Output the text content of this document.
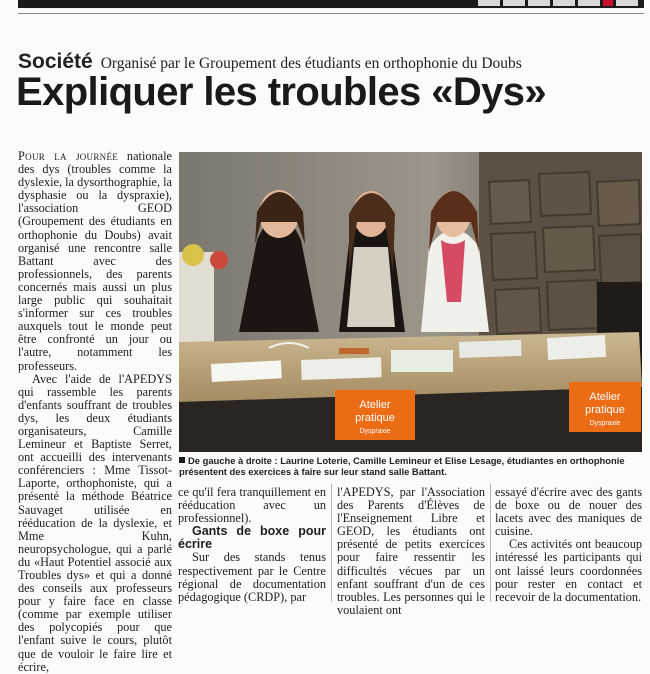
Société Organisé par le Groupement des étudiants en orthophonie du Doubs
Expliquer les troubles «Dys»

Pour la journée nationale des dys (troubles comme la dyslexie, la dysorthographie, la dysphasie ou la dyspraxie), l'association GEOD (Groupement des étudiants en orthophonie du Doubs) avait organisé une rencontre salle Battant avec des professionnels, des parents concernés mais aussi un plus large public qui souhaitait s'informer sur ces troubles auxquels tout le monde peut être confronté un jour ou l'autre, notamment les professeurs.

Avec l'aide de l'APEDYS qui rassemble les parents d'enfants souffrant de troubles dys, les deux étudiants organisateurs, Camille Lemineur et Baptiste Serret, ont accueilli des intervenants conférenciers : Mme Tissot-Laporte, orthophoniste, qui a présenté la méthode Béatrice Sauvaget utilisée en rééducation de la dyslexie, et Mme Kuhn, neuropsychologue, qui a parlé du «Haut Potentiel associé aux Troubles dys» et qui a donné des conseils aux professeurs pour y faire face en classe (comme par exemple utiliser des polycopiés pour que l'enfant suive le cours, plutôt que de vouloir le faire lire et écrire,

Atelier
pratique
Dyspraxie
Atelier
pratique
Dyspraxie
De gauche à droite : Laurine Loterie, Camille Lemineur et Elise Lesage, étudiantes en orthophonie présentent des exercices à faire sur leur stand salle Battant.

ce qu'il fera tranquillement en rééducation avec un professionnel).

Gants de boxe pour écrire

Sur des stands tenus respectivement par le Centre régional de documentation pédagogique (CRDP), par

l'APEDYS, par l'Association des Parents d'Élèves de l'Enseignement Libre et GEOD, les étudiants ont présenté de petits exercices pour faire ressentir les difficultés vécues par un enfant souffrant d'un de ces troubles. Les personnes qui le voulaient ont

essayé d'écrire avec des gants de boxe ou de nouer des lacets avec des maniques de cuisine.

Ces activités ont beaucoup intéressé les participants qui ont laissé leurs coordonnées pour rester en contact et recevoir de la documentation.
